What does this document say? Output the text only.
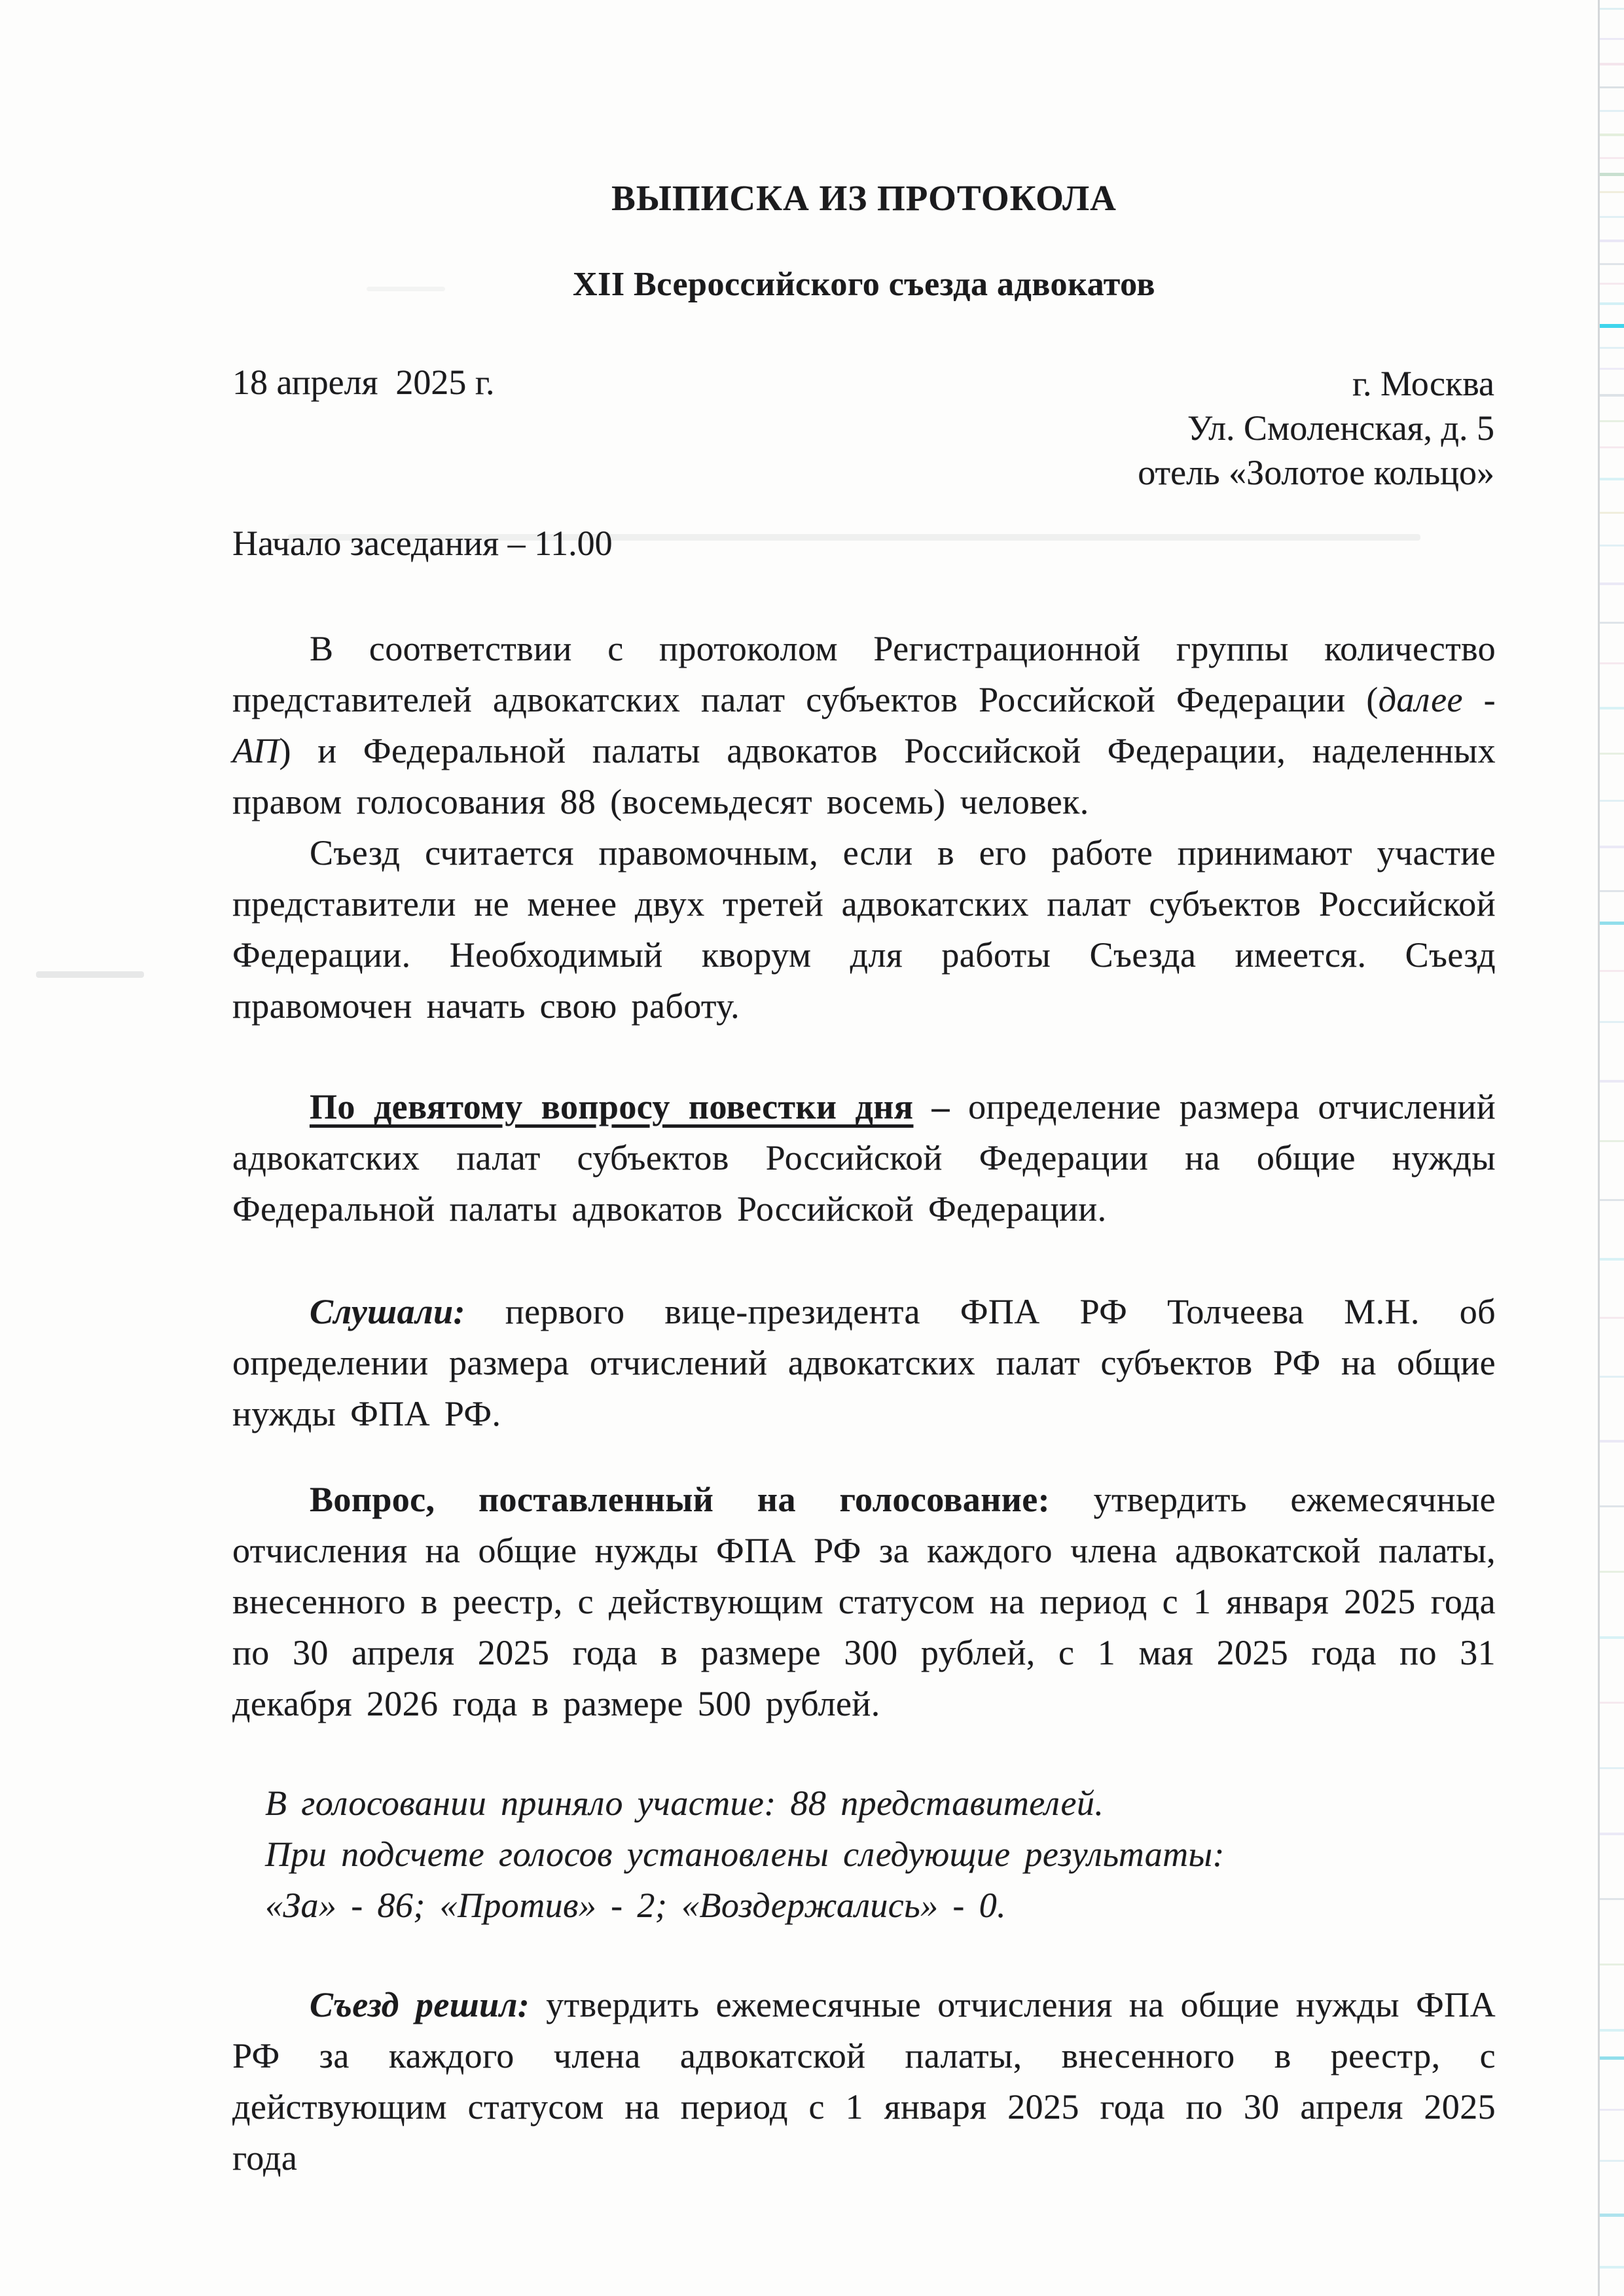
ВЫПИСКА ИЗ ПРОТОКОЛА
XII Всероссийского съезда адвокатов
18 апреля  2025 г.	г. Москва
Ул. Смоленская, д. 5
отель «Золотое кольцо»
Начало заседания – 11.00

В соответствии с протоколом Регистрационной группы количество представителей адвокатских палат субъектов Российской Федерации (далее - АП) и Федеральной палаты адвокатов Российской Федерации, наделенных правом голосования 88 (восемьдесят восемь) человек.

Съезд считается правомочным, если в его работе принимают участие представители не менее двух третей адвокатских палат субъектов Российской Федерации. Необходимый кворум для работы Съезда имеется. Съезд правомочен начать свою работу.

По девятому вопросу повестки дня – определение размера отчислений адвокатских палат субъектов Российской Федерации на общие нужды Федеральной палаты адвокатов Российской Федерации.

Слушали: первого вице-президента ФПА РФ Толчеева М.Н. об определении размера отчислений адвокатских палат субъектов РФ на общие нужды ФПА РФ.

Вопрос, поставленный на голосование: утвердить ежемесячные отчисления на общие нужды ФПА РФ за каждого члена адвокатской палаты, внесенного в реестр, с действующим статусом на период с 1 января 2025 года по 30 апреля 2025 года в размере 300 рублей, с 1 мая 2025 года по 31 декабря 2026 года в размере 500 рублей.

В голосовании приняло участие: 88 представителей.

При подсчете голосов установлены следующие результаты:

«За» - 86; «Против» - 2; «Воздержались» - 0.

Съезд решил: утвердить ежемесячные отчисления на общие нужды ФПА РФ за каждого члена адвокатской палаты, внесенного в реестр, с действующим статусом на период с 1 января 2025 года по 30 апреля 2025 года
